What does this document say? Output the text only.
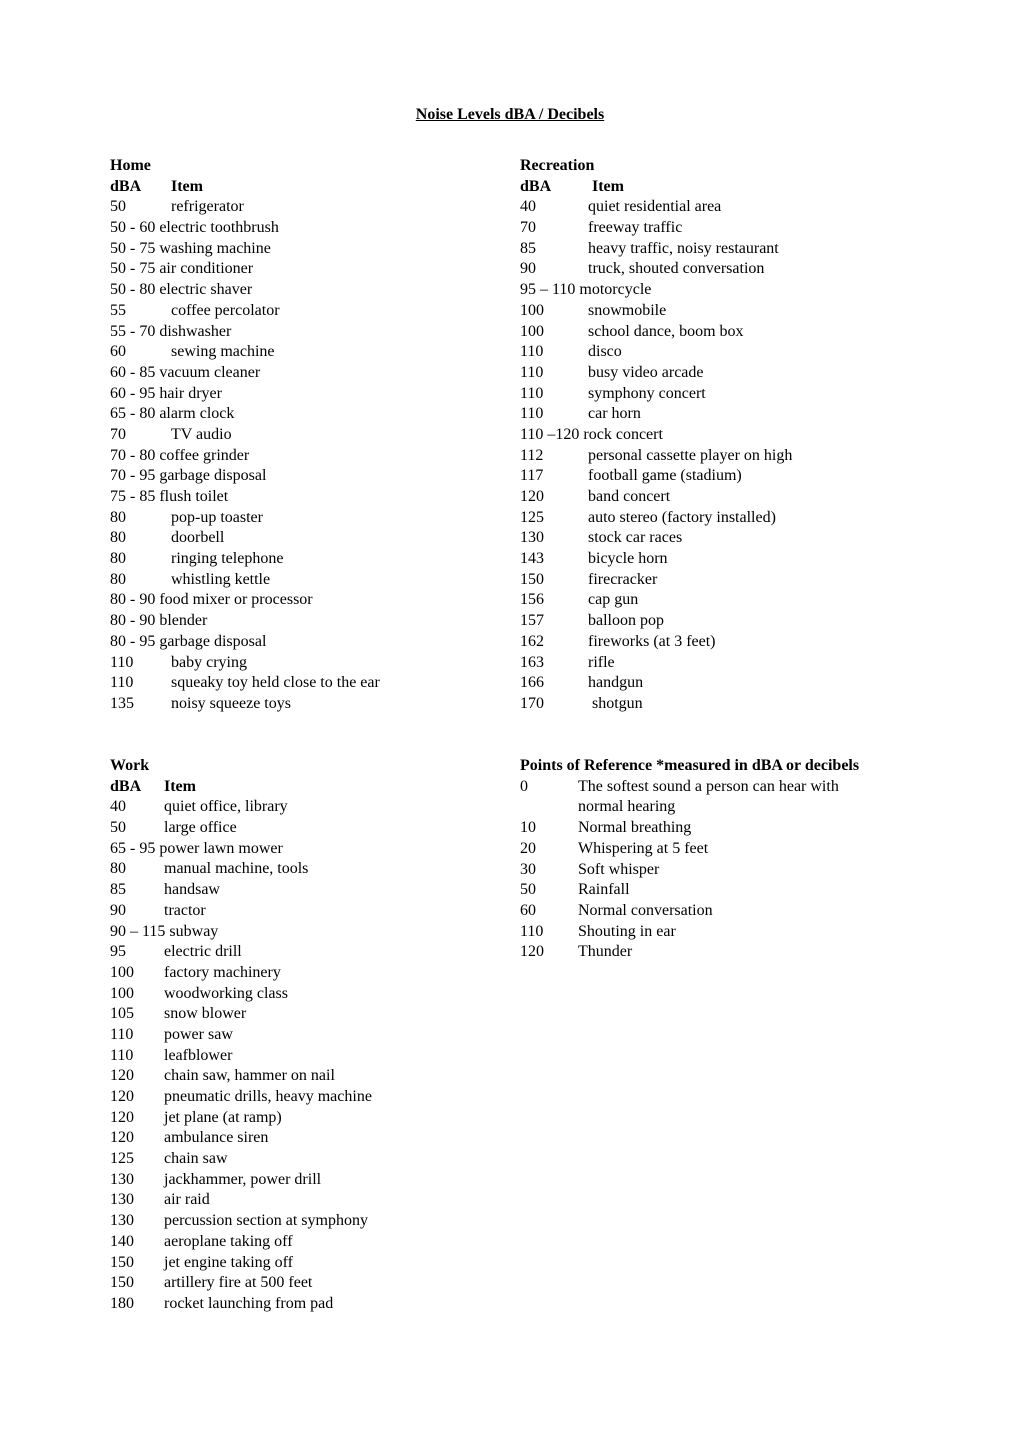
Noise Levels dBA / Decibels
Home
dBA Item
50	refrigerator
50 - 60 electric toothbrush
50 - 75 washing machine
50 - 75 air conditioner
50 - 80 electric shaver
55	coffee percolator
55 - 70 dishwasher
60	sewing machine
60 - 85 vacuum cleaner
60 - 95 hair dryer
65 - 80 alarm clock
70	TV audio
70 - 80 coffee grinder
70 - 95 garbage disposal
75 - 85 flush toilet
80	pop-up toaster
80	doorbell
80	ringing telephone
80	whistling kettle
80 - 90 food mixer or processor
80 - 90 blender
80 - 95 garbage disposal
110 baby crying
110 squeaky toy held close to the ear
135 noisy squeeze toys
Recreation
dBA	Item
40	quiet residential area
70	freeway traffic
85	heavy traffic, noisy restaurant
90	truck, shouted conversation
95 – 110 motorcycle
100	snowmobile
100	school dance, boom box
110	disco
110	busy video arcade
110	symphony concert
110	car horn
110 –120 rock concert
112	personal cassette player on high
117	football game (stadium)
120	band concert
125	auto stereo (factory installed)
130	stock car races
143	bicycle horn
150	firecracker
156	cap gun
157	balloon pop
162	fireworks (at 3 feet)
163	rifle
166	handgun
170	shotgun
Work
dBA Item
40 quiet office, library
50 large office
65 - 95 power lawn mower
80 manual machine, tools
85 handsaw
90 tractor
90 – 115 subway
95 electric drill
100 factory machinery
100 woodworking class
105 snow blower
110 power saw
110 leafblower
120 chain saw, hammer on nail
120 pneumatic drills, heavy machine
120 jet plane (at ramp)
120 ambulance siren
125 chain saw
130 jackhammer, power drill
130 air raid
130 percussion section at symphony
140 aeroplane taking off
150 jet engine taking off
150 artillery fire at 500 feet
180 rocket launching from pad
Points of Reference *measured in dBA or decibels
0	The softest sound a person can hear with normal hearing
10	Normal breathing
20	Whispering at 5 feet
30	Soft whisper
50	Rainfall
60	Normal conversation
110 Shouting in ear
120 Thunder
